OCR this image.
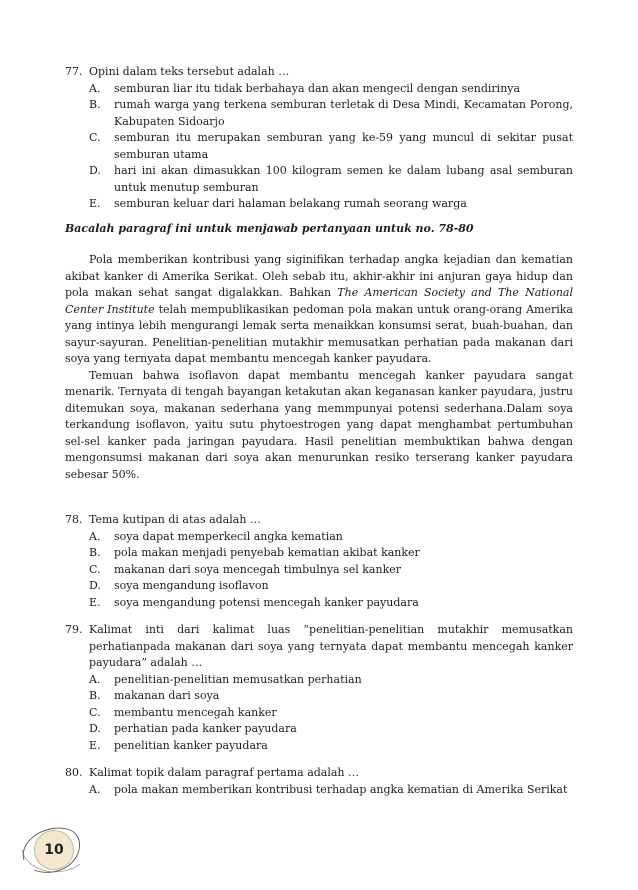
77. Opini dalam teks tersebut adalah …
A. semburan liar itu tidak berbahaya dan akan mengecil dengan sendirinya
B. rumah warga yang terkena semburan terletak di Desa Mindi, Kecamatan Porong, Kabupaten Sidoarjo
C. semburan itu merupakan semburan yang ke-59 yang muncul di sekitar pusat semburan utama
D. hari ini akan dimasukkan 100 kilogram semen ke dalam lubang asal semburan untuk menutup semburan
E. semburan keluar dari halaman belakang rumah seorang warga
Bacalah paragraf ini untuk menjawab pertanyaan untuk no. 78-80
Pola memberikan kontribusi yang siginifikan terhadap angka kejadian dan kematian akibat kanker di Amerika Serikat. Oleh sebab itu, akhir-akhir ini anjuran gaya hidup dan pola makan sehat sangat digalakkan. Bahkan The American Society and The National Center Institute telah mempublikasikan pedoman pola makan untuk orang-orang Amerika yang intinya lebih mengurangi lemak serta menaikkan konsumsi serat, buah-buahan, dan sayur-sayuran. Penelitian-penelitian mutakhir memusatkan perhatian pada makanan dari soya yang ternyata dapat membantu mencegah kanker payudara.
Temuan bahwa isoflavon dapat membantu mencegah kanker payudara sangat menarik. Ternyata di tengah bayangan ketakutan akan keganasan kanker payudara, justru ditemukan soya, makanan sederhana yang memmpunyai potensi sederhana.Dalam soya terkandung isoflavon, yaitu sutu phytoestrogen yang dapat menghambat pertumbuhan sel-sel kanker pada jaringan payudara. Hasil penelitian membuktikan bahwa dengan mengonsumsi makanan dari soya akan menurunkan resiko terserang kanker payudara sebesar 50%.
78. Tema kutipan di atas adalah …
A. soya dapat memperkecil angka kematian
B. pola makan menjadi penyebab kematian akibat kanker
C. makanan dari soya mencegah timbulnya sel kanker
D. soya mengandung isoflavon
E. soya mengandung potensi mencegah kanker payudara
79. Kalimat inti dari kalimat luas “penelitian-penelitian mutakhir memusatkan perhatianpada makanan dari soya yang ternyata dapat membantu mencegah kanker payudara” adalah …
A. penelitian-penelitian memusatkan perhatian
B. makanan dari soya
C. membantu mencegah kanker
D. perhatian pada kanker payudara
E. penelitian kanker payudara
80. Kalimat topik dalam paragraf pertama adalah …
A. pola makan memberikan kontribusi terhadap angka kematian di Amerika Serikat
10
